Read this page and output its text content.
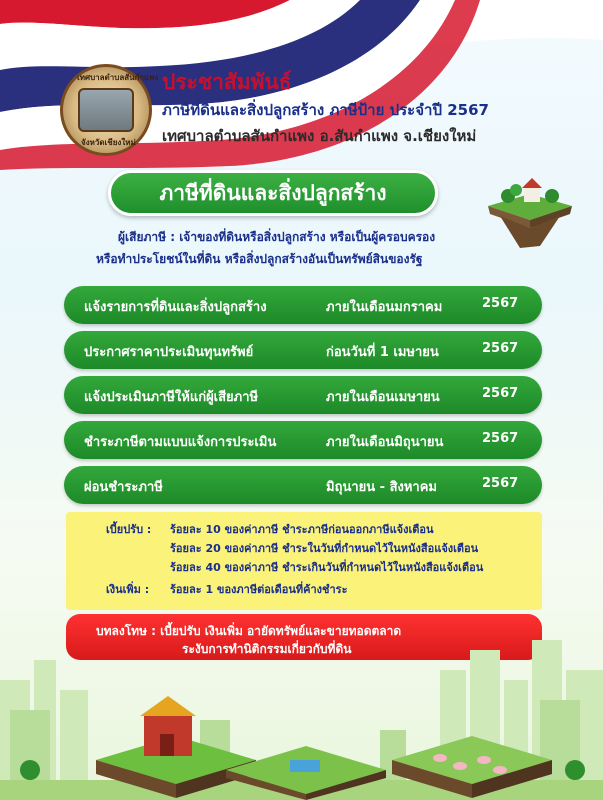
เทศบาลตำบลสันกำแพง
จังหวัดเชียงใหม่
ประชาสัมพันธ์
ภาษีที่ดินและสิ่งปลูกสร้าง ภาษีป้าย ประจำปี 2567
เทศบาลตำบลสันกำแพง อ.สันกำแพง จ.เชียงใหม่
ภาษีที่ดินและสิ่งปลูกสร้าง
ผู้เสียภาษี : เจ้าของที่ดินหรือสิ่งปลูกสร้าง หรือเป็นผู้ครอบครอง
หรือทำประโยชน์ในที่ดิน หรือสิ่งปลูกสร้างอันเป็นทรัพย์สินของรัฐ
แจ้งรายการที่ดินและสิ่งปลูกสร้าง	ภายในเดือนมกราคม	2567
ประกาศราคาประเมินทุนทรัพย์	ก่อนวันที่ 1 เมษายน	2567
แจ้งประเมินภาษีให้แก่ผู้เสียภาษี	ภายในเดือนเมษายน	2567
ชำระภาษีตามแบบแจ้งการประเมิน	ภายในเดือนมิถุนายน	2567
ผ่อนชำระภาษี	มิถุนายน - สิงหาคม	2567
เบี้ยปรับ : ร้อยละ 10 ของค่าภาษี ชำระภาษีก่อนออกภาษีแจ้งเตือน
ร้อยละ 20 ของค่าภาษี ชำระในวันที่กำหนดไว้ในหนังสือแจ้งเตือน
ร้อยละ 40 ของค่าภาษี ชำระเกินวันที่กำหนดไว้ในหนังสือแจ้งเตือน
เงินเพิ่ม : ร้อยละ 1 ของภาษีต่อเดือนที่ค้างชำระ
บทลงโทษ : เบี้ยปรับ เงินเพิ่ม อายัดทรัพย์และขายทอดตลาด
ระงับการทำนิติกรรมเกี่ยวกับที่ดิน
